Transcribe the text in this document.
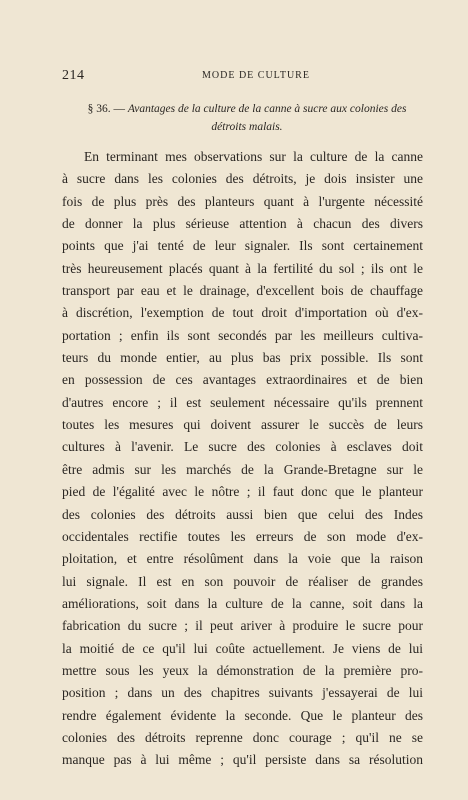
214	MODE DE CULTURE
§ 36. — Avantages de la culture de la canne à sucre aux colonies des détroits malais.
En terminant mes observations sur la culture de la canne
à sucre dans les colonies des détroits, je dois insister une
fois de plus près des planteurs quant à l'urgente nécessité
de donner la plus sérieuse attention à chacun des divers
points que j'ai tenté de leur signaler. Ils sont certainement
très heureusement placés quant à la fertilité du sol ; ils ont le
transport par eau et le drainage, d'excellent bois de chauffage
à discrétion, l'exemption de tout droit d'importation où d'ex-
portation ; enfin ils sont secondés par les meilleurs cultiva-
teurs du monde entier, au plus bas prix possible. Ils sont
en possession de ces avantages extraordinaires et de bien
d'autres encore ; il est seulement nécessaire qu'ils prennent
toutes les mesures qui doivent assurer le succès de leurs
cultures à l'avenir. Le sucre des colonies à esclaves doit
être admis sur les marchés de la Grande-Bretagne sur le
pied de l'égalité avec le nôtre ; il faut donc que le planteur
des colonies des détroits aussi bien que celui des Indes
occidentales rectifie toutes les erreurs de son mode d'ex-
ploitation, et entre résolûment dans la voie que la raison
lui signale. Il est en son pouvoir de réaliser de grandes
améliorations, soit dans la culture de la canne, soit dans la
fabrication du sucre ; il peut ariver à produire le sucre pour
la moitié de ce qu'il lui coûte actuellement. Je viens de lui
mettre sous les yeux la démonstration de la première pro-
position ; dans un des chapitres suivants j'essayerai de lui
rendre également évidente la seconde. Que le planteur des
colonies des détroits reprenne donc courage ; qu'il ne se
manque pas à lui même ; qu'il persiste dans sa résolution
